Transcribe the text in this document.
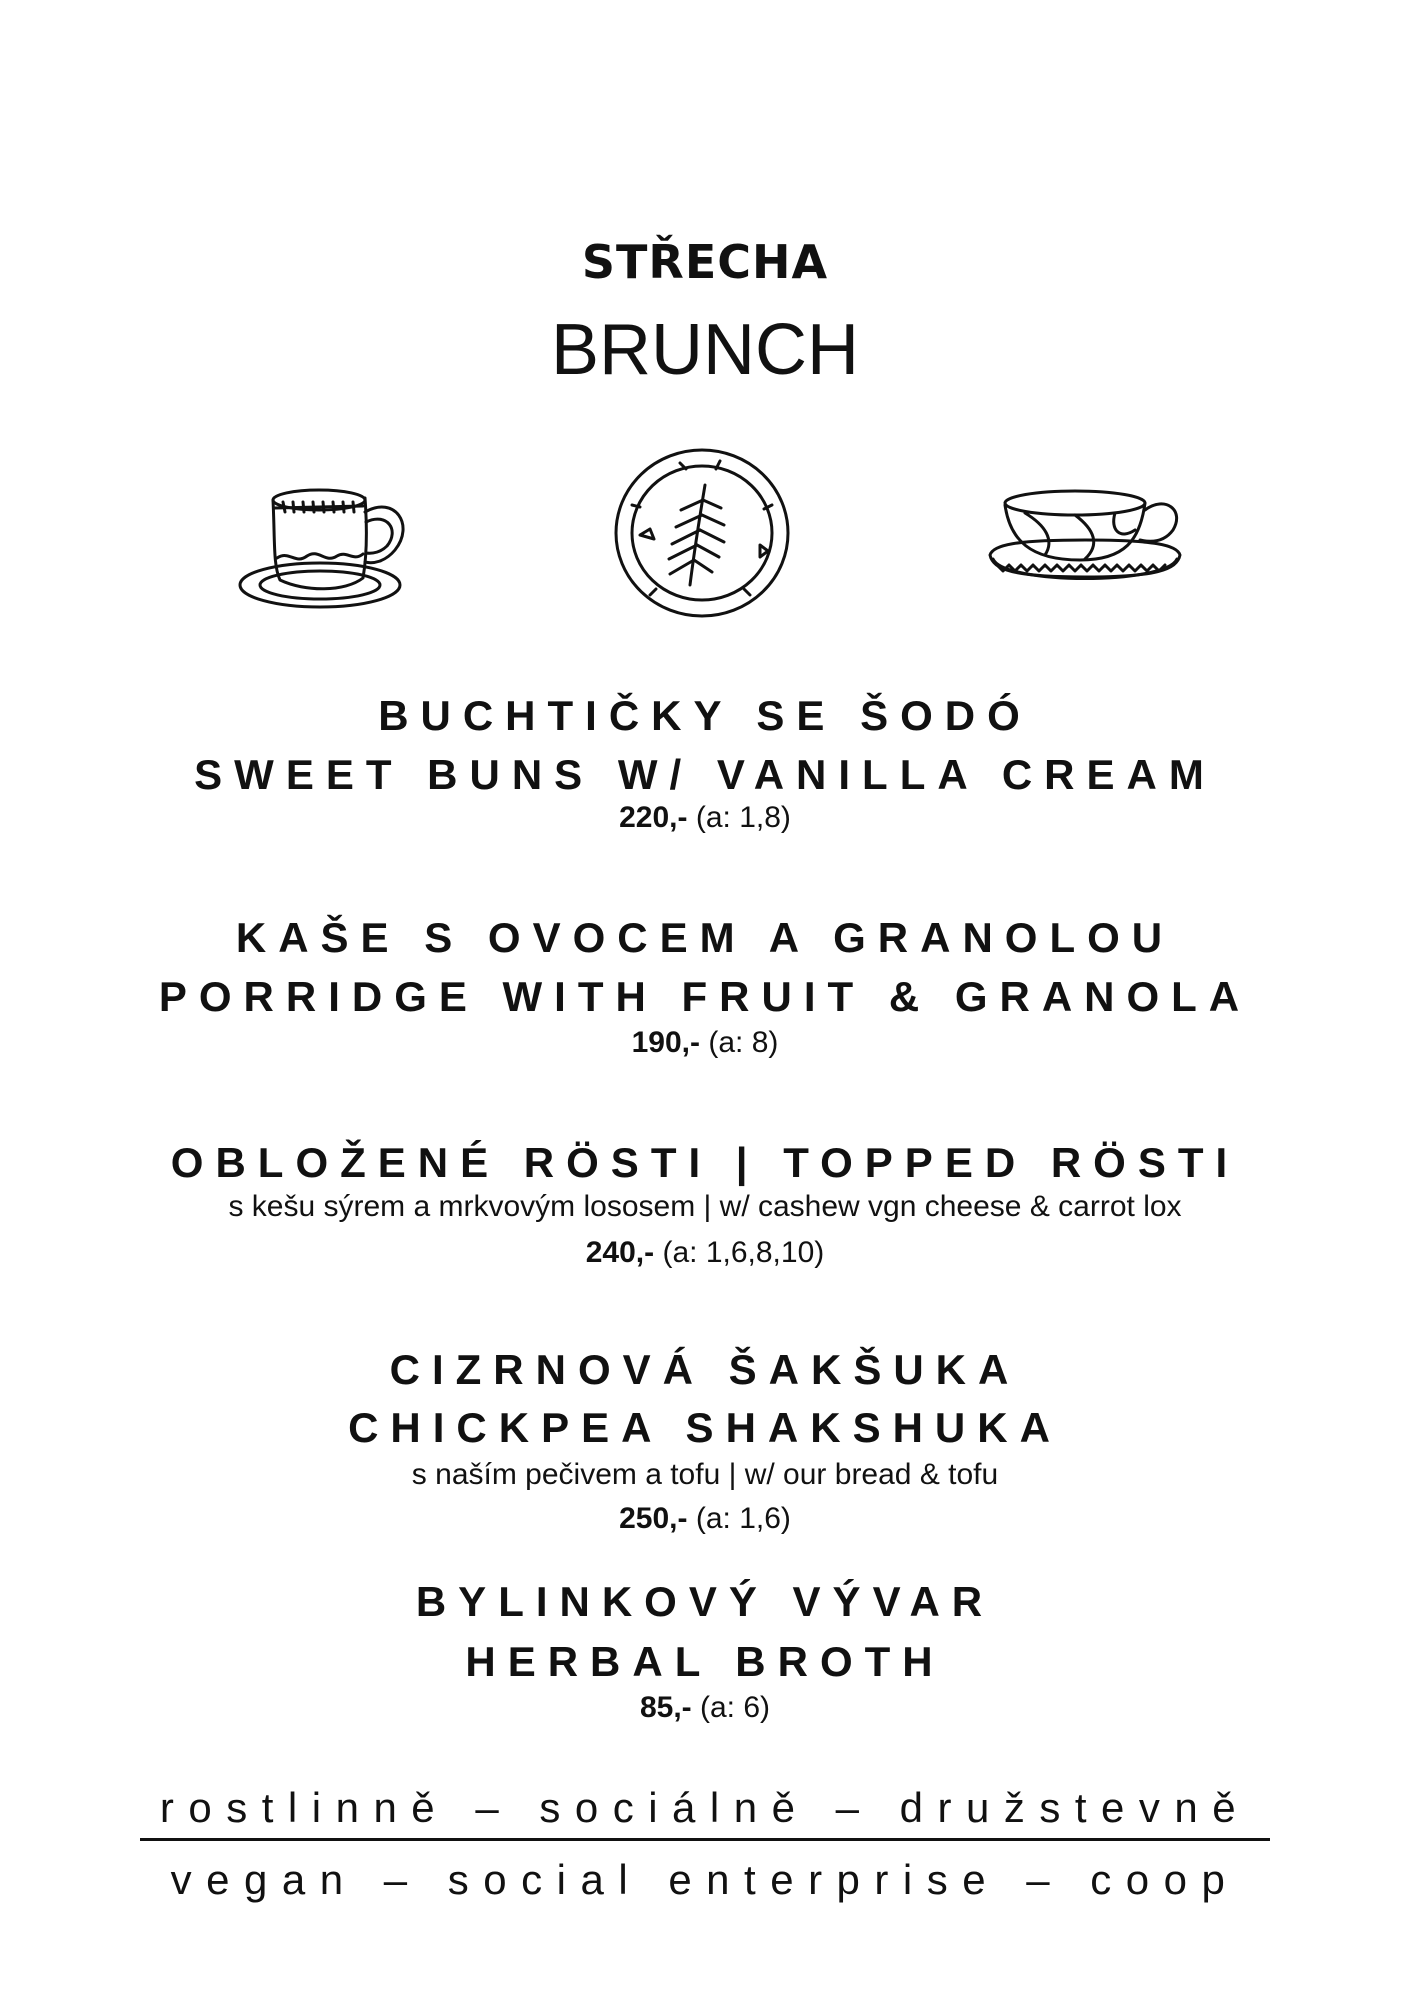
STŘECHA
BRUNCH
BUCHTIČKY SE ŠODÓ
SWEET BUNS W/ VANILLA CREAM
220,- (a: 1,8)
KAŠE S OVOCEM A GRANOLOU
PORRIDGE WITH FRUIT & GRANOLA
190,- (a: 8)
OBLOŽENÉ RÖSTI | TOPPED RÖSTI
s kešu sýrem a mrkvovým lososem | w/ cashew vgn cheese & carrot lox
240,- (a: 1,6,8,10)
CIZRNOVÁ ŠAKŠUKA
CHICKPEA SHAKSHUKA
s naším pečivem a tofu | w/ our bread & tofu
250,- (a: 1,6)
BYLINKOVÝ VÝVAR
HERBAL BROTH
85,- (a: 6)
rostlinně – sociálně – družstevně
vegan – social enterprise – coop
